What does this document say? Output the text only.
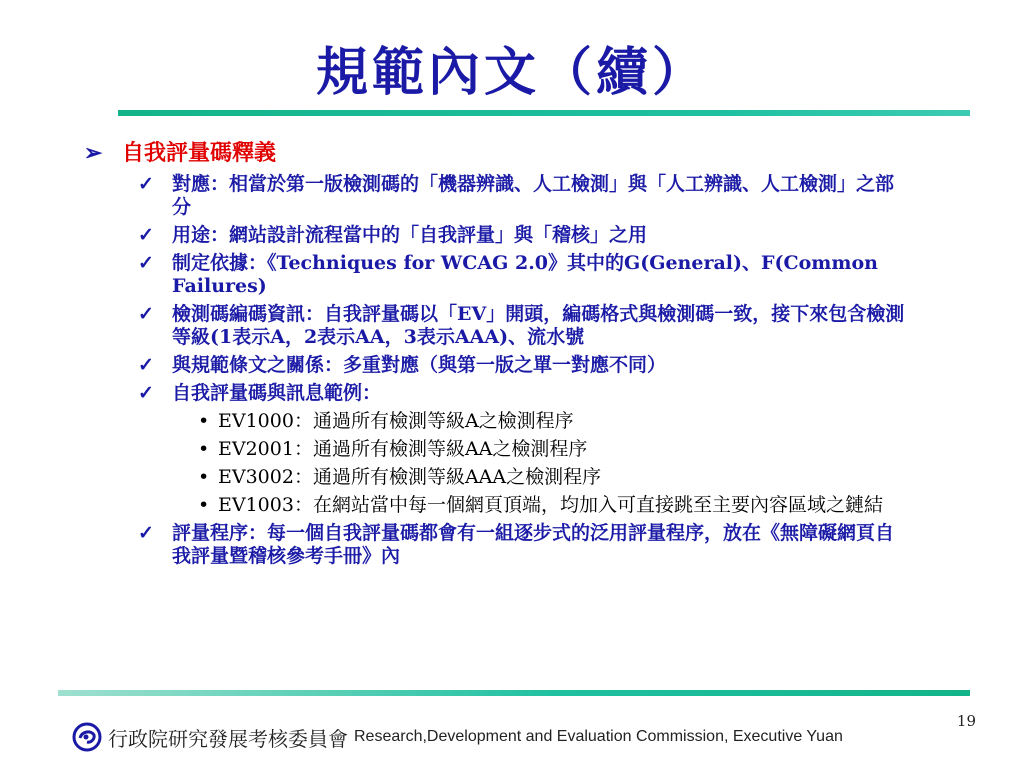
規範內文（續）
➢ 自我評量碼釋義
✓ 對應：相當於第一版檢測碼的「機器辨識、人工檢測」與「人工辨識、人工檢測」之部分
✓ 用途：網站設計流程當中的「自我評量」與「稽核」之用
✓ 制定依據：《Techniques for WCAG 2.0》其中的G(General)、F(Common Failures)
✓ 檢測碼編碼資訊：自我評量碼以「EV」開頭，編碼格式與檢測碼一致，接下來包含檢測等級(1表示A，2表示AA，3表示AAA)、流水號
✓ 與規範條文之關係：多重對應（與第一版之單一對應不同）
✓ 自我評量碼與訊息範例：
• EV1000：通過所有檢測等級A之檢測程序
• EV2001：通過所有檢測等級AA之檢測程序
• EV3002：通過所有檢測等級AAA之檢測程序
• EV1003：在網站當中每一個網頁頂端，均加入可直接跳至主要內容區域之鏈結
✓ 評量程序：每一個自我評量碼都會有一組逐步式的泛用評量程序，放在《無障礙網頁自我評量暨稽核參考手冊》內
19
行政院研究發展考核委員會 Research,Development and Evaluation Commission, Executive Yuan
